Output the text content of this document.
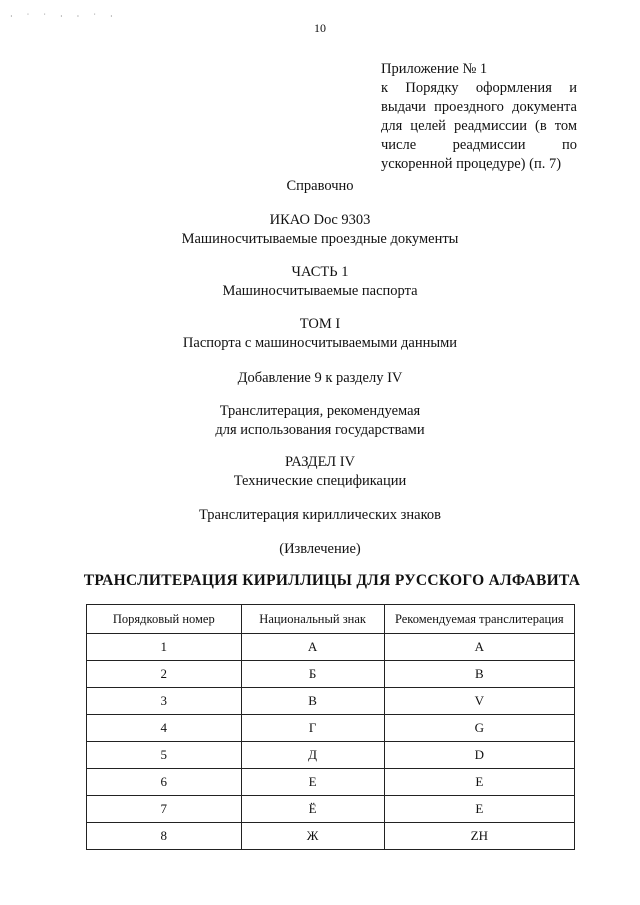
· ˙ ˙ · · ˙ ·
10
Приложение № 1
к Порядку оформления и
выдачи проездного документа
для целей реадмиссии (в том
числе реадмиссии по
ускоренной процедуре) (п. 7)
Справочно
ИКАО Doc 9303
Машиносчитываемые проездные документы
ЧАСТЬ 1
Машиносчитываемые паспорта
ТОМ I
Паспорта с машиносчитываемыми данными
Добавление 9 к разделу IV
Транслитерация, рекомендуемая
для использования государствами
РАЗДЕЛ IV
Технические спецификации
Транслитерация кириллических знаков
(Извлечение)
ТРАНСЛИТЕРАЦИЯ КИРИЛЛИЦЫ ДЛЯ РУССКОГО АЛФАВИТА
Порядковый номер	Национальный знак	Рекомендуемая транслитерация
1	А	A
2	Б	B
3	В	V
4	Г	G
5	Д	D
6	Е	E
7	Ё	E
8	Ж	ZH
